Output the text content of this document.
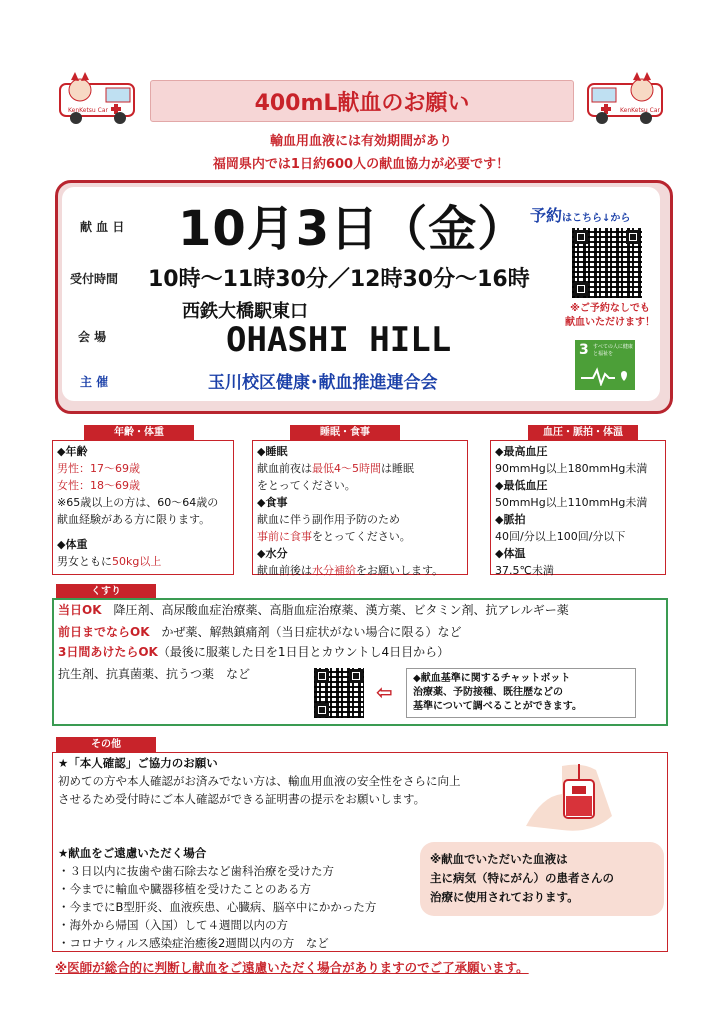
KenKetsu Car	KenKetsu Car
400mL献血のお願い
輸血用血液には有効期間があり
福岡県内では1日約600人の献血協力が必要です！
献 血 日 10月3日（金）
受付時間 10時～11時30分／12時30分～16時
西鉄大橋駅東口
会 場	OHASHI HILL
主 催	玉川校区健康･献血推進連合会
予約はこちら↓から
※ご予約なしでも
献血いただけます！
3 すべての人に健康と福祉を
年齢・体重
◆年齢
男性：17～69歳
女性：18～69歳
※65歳以上の方は、60～64歳の
献血経験がある方に限ります。
◆体重
男女ともに50kg以上
睡眠・食事
◆睡眠
献血前夜は最低4～5時間は睡眠
をとってください。
◆食事
献血に伴う副作用予防のため
事前に食事をとってください。
◆水分
献血前後は水分補給をお願いします。
血圧・脈拍・体温
◆最高血圧
90mmHg以上180mmHg未満
◆最低血圧
50mmHg以上110mmHg未満
◆脈拍
40回/分以上100回/分以下
◆体温
37.5℃未満
くすり
当日OK　降圧剤、高尿酸血症治療薬、高脂血症治療薬、漢方薬、ビタミン剤、抗アレルギー薬
前日までならOK　かぜ薬、解熱鎮痛剤（当日症状がない場合に限る）など
3日間あけたらOK（最後に服薬した日を1日目とカウントし4日目から）
抗生剤、抗真菌薬、抗うつ薬　など
⇦
◆献血基準に関するチャットボット
治療薬、予防接種、既往歴などの
基準について調べることができます。
その他
★「本人確認」ご協力のお願い
初めての方や本人確認がお済みでない方は、輸血用血液の安全性をさらに向上
させるため受付時にご本人確認ができる証明書の提示をお願いします。
★献血をご遠慮いただく場合
・３日以内に抜歯や歯石除去など歯科治療を受けた方
・今までに輸血や臓器移植を受けたことのある方
・今までにB型肝炎、血液疾患、心臓病、脳卒中にかかった方
・海外から帰国（入国）して４週間以内の方
・コロナウィルス感染症治癒後2週間以内の方　など
※献血でいただいた血液は
主に病気（特にがん）の患者さんの
治療に使用されております。
※医師が総合的に判断し献血をご遠慮いただく場合がありますのでご了承願います。
